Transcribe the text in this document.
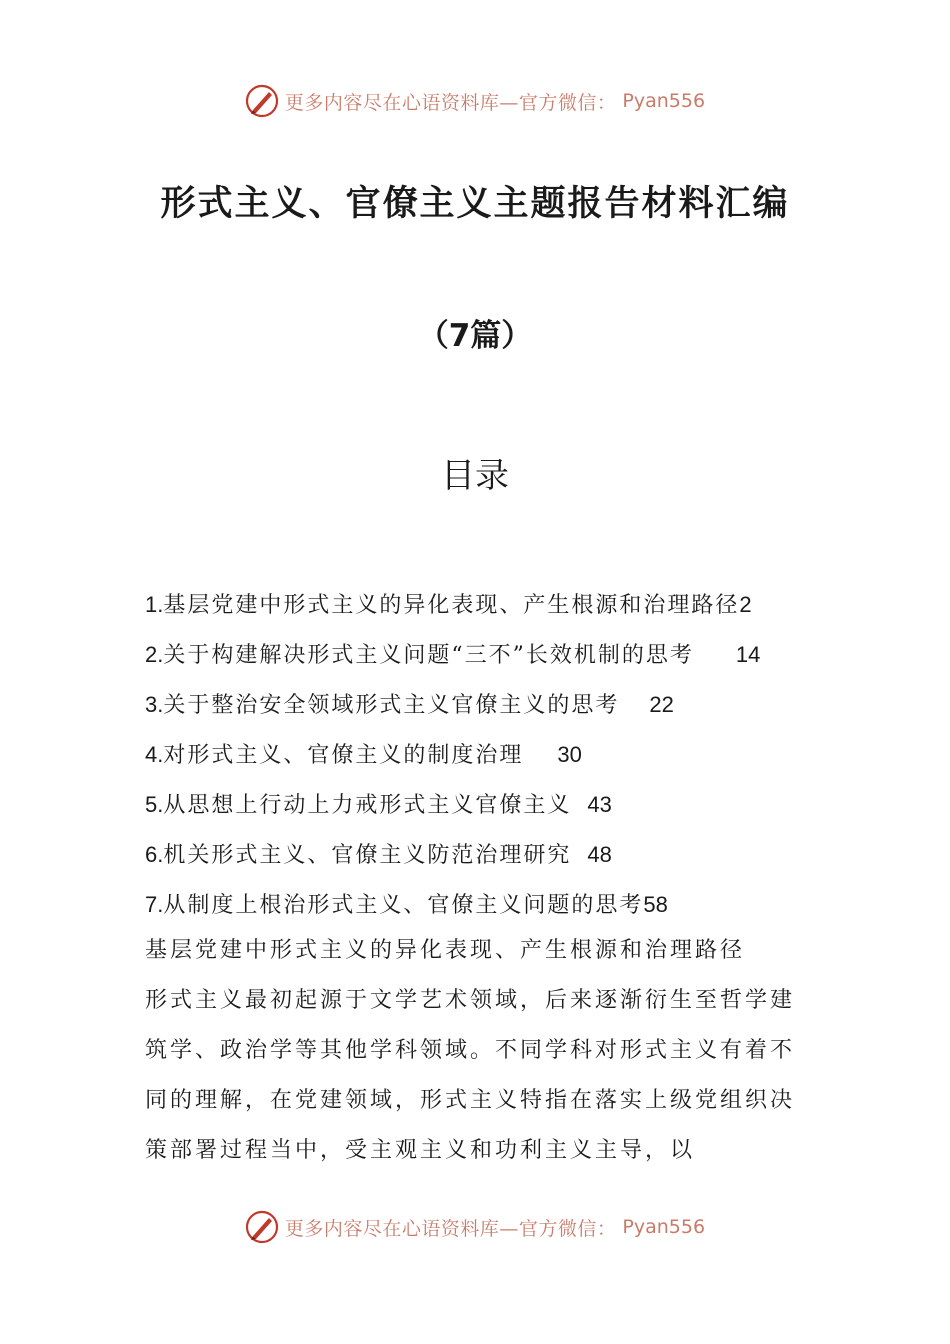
更多内容尽在心语资料库—官方微信： Pyan556
形式主义、官僚主义主题报告材料汇编
（7篇）
目录
1.基层党建中形式主义的异化表现、产生根源和治理路径2
2.关于构建解决形式主义问题“三不”长效机制的思考 14
3.关于整治安全领域形式主义官僚主义的思考 22
4.对形式主义、官僚主义的制度治理 30
5.从思想上行动上力戒形式主义官僚主义 43
6.机关形式主义、官僚主义防范治理研究 48
7.从制度上根治形式主义、官僚主义问题的思考58

基层党建中形式主义的异化表现、产生根源和治理路径

形式主义最初起源于文学艺术领域，后来逐渐衍生至哲学建筑学、政治学等其他学科领域。不同学科对形式主义有着不同的理解，在党建领域，形式主义特指在落实上级党组织决策部署过程当中，受主观主义和功利主义主导，以

更多内容尽在心语资料库—官方微信： Pyan556
